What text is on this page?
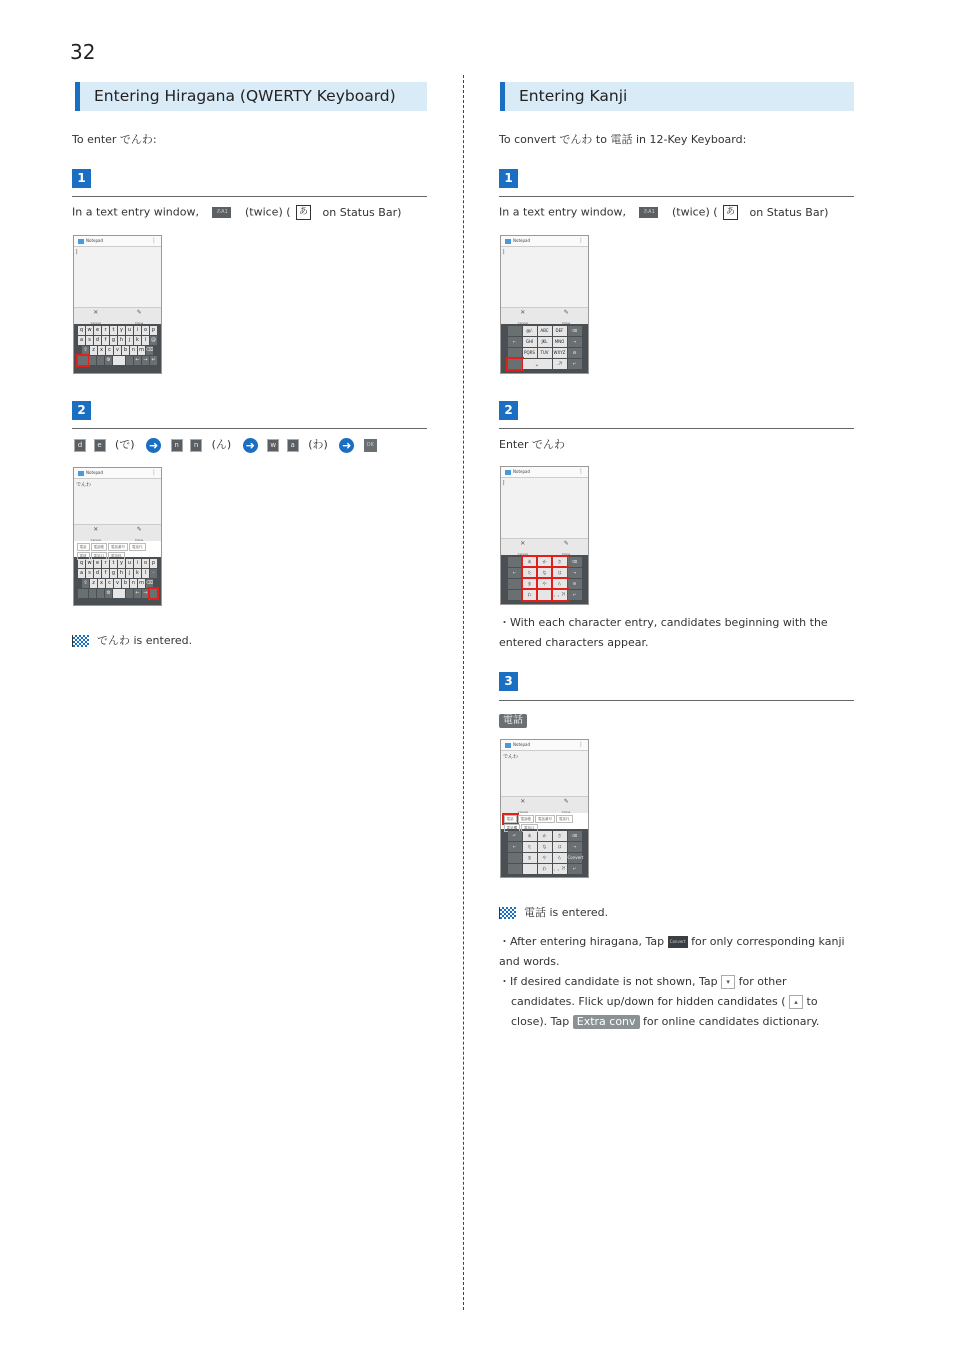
32
Entering Hiragana (QWERTY Keyboard)
To enter でんわ:
1
In a text entry window,	あA1 (twice) ( あ on Status Bar)
Notepad	⋮
|
✕
Cancel
✎
Done
q w e	r	t	y u	i	o p
a	s	d	f	g h	j	k	l @
⇧ z	x	c	v b n m ⌫
⚙	← → ↵
2
d e (で) ➜ n n (ん) ➜ w a (わ) ➜	OK
Notepad	⋮
でんわ
✕
Cancel
✎
Done
電話	電話帳	電話番号	電話代
電波	電話口	電話料
q w e	r	t	y u	i	o p
a	s	d	f	g h	j	k	l	-
⇧ z	x	c	v b n m ⌫
⚙	← →
でんわ is entered.
Entering Kanji
To convert でんわ to 電話 in 12-Key Keyboard:
1
In a text entry window,	あA1 (twice) ( あ on Status Bar)
Notepad	⋮
|
✕
Cancel
✎
Done
@/.	ABC	DEF	⌫
←	GHI	JKL	MNO	→
PQRS	TUV	WXYZ	⚙
␣	..?!	↵
2
Enter でんわ
Notepad	⋮
|
✕
Cancel
✎
Done
あ	か	さ	⌫
←	た	な	は	→
ま	や	ら	⚙
わ	、。?!	↵
・With each character entry, candidates beginning with the entered characters appear.
3
電話
Notepad	⋮
でんわ
✕
Cancel
✎
Done
電話	電話帳	電話番号	電話代
電話機	電話口
↶	あ	か	さ	⌫
←	た	な	は	→
ま	や	ら	Convert
わ	、。?!	↵
電話 is entered.
・After entering hiragana, Tap Convert for only corresponding kanji and words.
・If desired candidate is not shown, Tap ▾ for other
candidates. Flick up/down for hidden candidates ( ▴ to
close). Tap Extra conv for online candidates dictionary.
